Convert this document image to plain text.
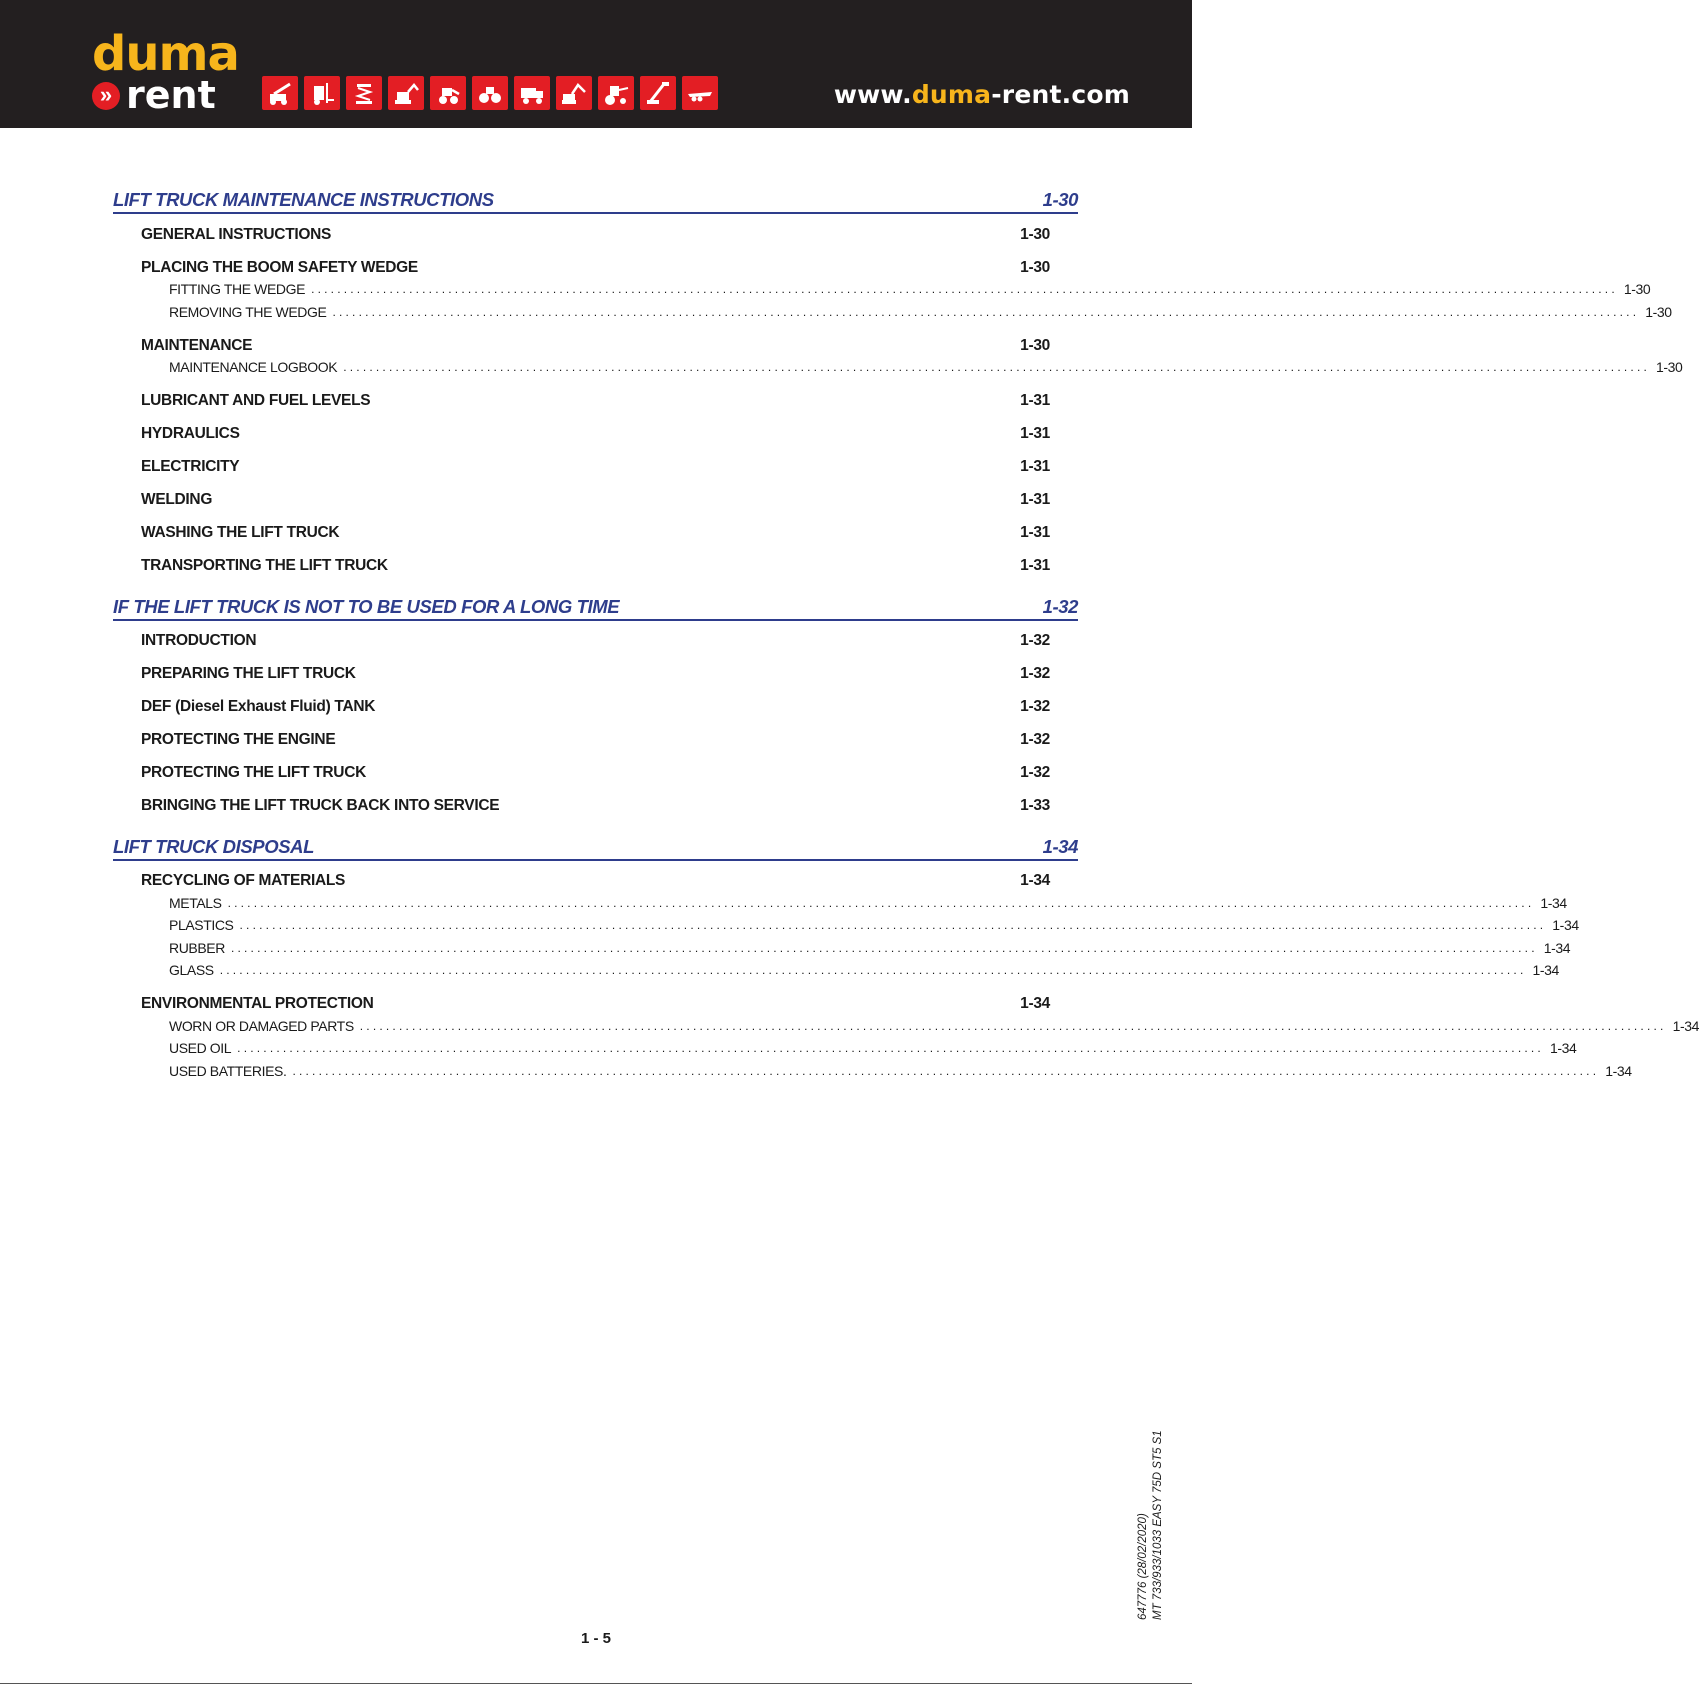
duma
» rent	www.duma-rent.com
LIFT TRUCK MAINTENANCE INSTRUCTIONS	1-30
GENERAL INSTRUCTIONS	1-30
PLACING THE BOOM SAFETY WEDGE	1-30
FITTING THE WEDGE ........................................................................................................................................................................................................ 1-30
REMOVING THE WEDGE ........................................................................................................................................................................................................ 1-30
MAINTENANCE	1-30
MAINTENANCE LOGBOOK ........................................................................................................................................................................................................ 1-30
LUBRICANT AND FUEL LEVELS	1-31
HYDRAULICS	1-31
ELECTRICITY	1-31
WELDING	1-31
WASHING THE LIFT TRUCK	1-31
TRANSPORTING THE LIFT TRUCK	1-31
IF THE LIFT TRUCK IS NOT TO BE USED FOR A LONG TIME	1-32
INTRODUCTION	1-32
PREPARING THE LIFT TRUCK	1-32
DEF (Diesel Exhaust Fluid) TANK	1-32
PROTECTING THE ENGINE	1-32
PROTECTING THE LIFT TRUCK	1-32
BRINGING THE LIFT TRUCK BACK INTO SERVICE	1-33
LIFT TRUCK DISPOSAL	1-34
RECYCLING OF MATERIALS	1-34
METALS ........................................................................................................................................................................................................ 1-34
PLASTICS ........................................................................................................................................................................................................ 1-34
RUBBER ........................................................................................................................................................................................................ 1-34
GLASS ........................................................................................................................................................................................................ 1-34
ENVIRONMENTAL PROTECTION	1-34
WORN OR DAMAGED PARTS ........................................................................................................................................................................................................ 1-34
USED OIL ........................................................................................................................................................................................................ 1-34
USED BATTERIES. ........................................................................................................................................................................................................ 1-34
647776 (28/02/2020) MT 733/933/1033 EASY 75D ST5 S1
1 - 5
